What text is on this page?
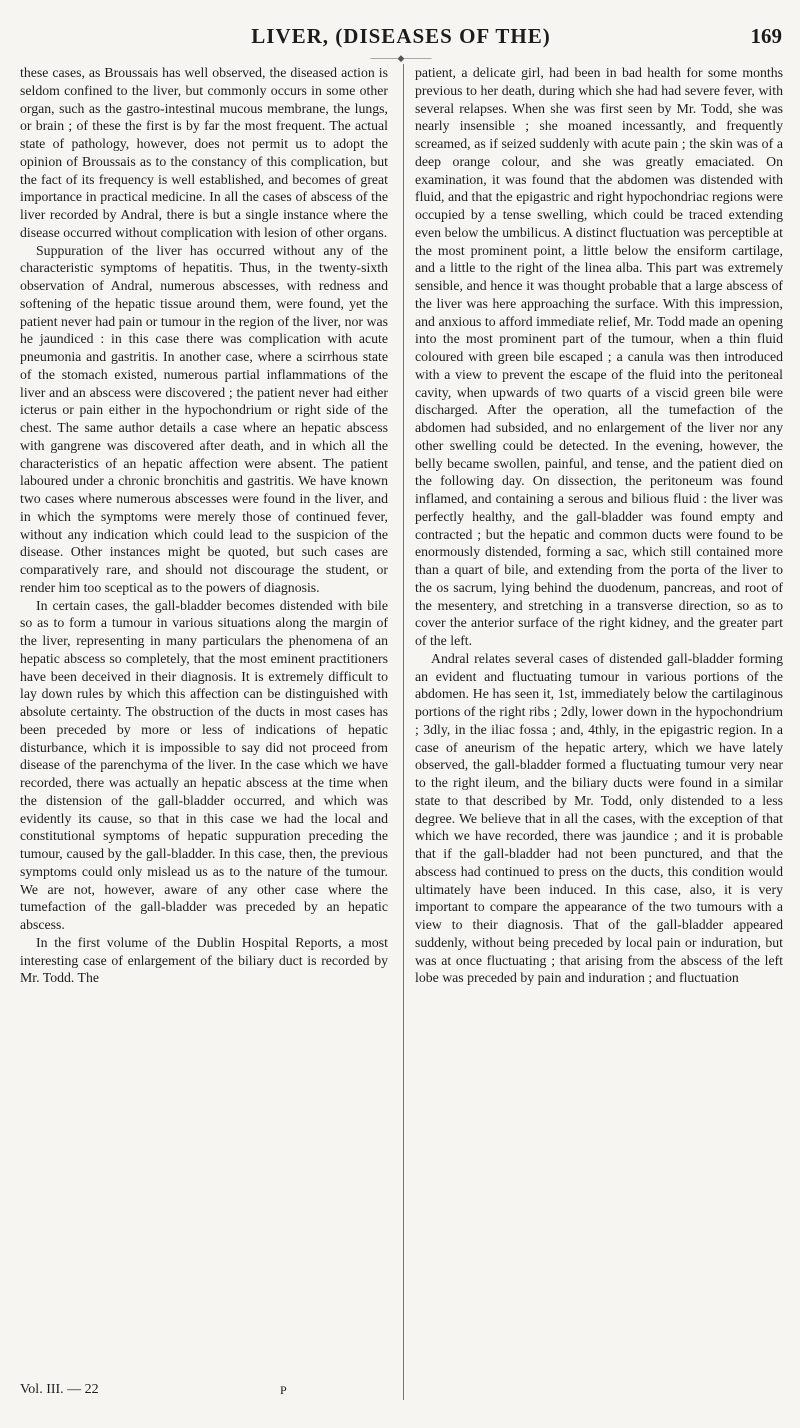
LIVER, (DISEASES OF THE)	169
———◆———

these cases, as Broussais has well observed, the diseased action is seldom confined to the liver, but commonly occurs in some other organ, such as the gastro-intestinal mucous membrane, the lungs, or brain ; of these the first is by far the most frequent. The actual state of pathology, however, does not permit us to adopt the opinion of Broussais as to the constancy of this complication, but the fact of its frequency is well established, and becomes of great importance in practical medicine. In all the cases of abscess of the liver recorded by Andral, there is but a single instance where the disease occurred without complication with lesion of other organs.

Suppuration of the liver has occurred without any of the characteristic symptoms of hepatitis. Thus, in the twenty-sixth observation of Andral, numerous abscesses, with redness and softening of the hepatic tissue around them, were found, yet the patient never had pain or tumour in the region of the liver, nor was he jaundiced : in this case there was complication with acute pneumonia and gastritis. In another case, where a scirrhous state of the stomach existed, numerous partial inflammations of the liver and an abscess were discovered ; the patient never had either icterus or pain either in the hypochondrium or right side of the chest. The same author details a case where an hepatic abscess with gangrene was discovered after death, and in which all the characteristics of an hepatic affection were absent. The patient laboured under a chronic bronchitis and gastritis. We have known two cases where numerous abscesses were found in the liver, and in which the symptoms were merely those of continued fever, without any indication which could lead to the suspicion of the disease. Other instances might be quoted, but such cases are comparatively rare, and should not discourage the student, or render him too sceptical as to the powers of diagnosis.

In certain cases, the gall-bladder becomes distended with bile so as to form a tumour in various situations along the margin of the liver, representing in many particulars the phenomena of an hepatic abscess so completely, that the most eminent practitioners have been deceived in their diagnosis. It is extremely difficult to lay down rules by which this affection can be distinguished with absolute certainty. The obstruction of the ducts in most cases has been preceded by more or less of indications of hepatic disturbance, which it is impossible to say did not proceed from disease of the parenchyma of the liver. In the case which we have recorded, there was actually an hepatic abscess at the time when the distension of the gall-bladder occurred, and which was evidently its cause, so that in this case we had the local and constitutional symptoms of hepatic suppuration preceding the tumour, caused by the gall-bladder. In this case, then, the previous symptoms could only mislead us as to the nature of the tumour. We are not, however, aware of any other case where the tumefaction of the gall-bladder was preceded by an hepatic abscess.

In the first volume of the Dublin Hospital Reports, a most interesting case of enlargement of the biliary duct is recorded by Mr. Todd. The

patient, a delicate girl, had been in bad health for some months previous to her death, during which she had had severe fever, with several relapses. When she was first seen by Mr. Todd, she was nearly insensible ; she moaned incessantly, and frequently screamed, as if seized suddenly with acute pain ; the skin was of a deep orange colour, and she was greatly emaciated. On examination, it was found that the abdomen was distended with fluid, and that the epigastric and right hypochondriac regions were occupied by a tense swelling, which could be traced extending even below the umbilicus. A distinct fluctuation was perceptible at the most prominent point, a little below the ensiform cartilage, and a little to the right of the linea alba. This part was extremely sensible, and hence it was thought probable that a large abscess of the liver was here approaching the surface. With this impression, and anxious to afford immediate relief, Mr. Todd made an opening into the most prominent part of the tumour, when a thin fluid coloured with green bile escaped ; a canula was then introduced with a view to prevent the escape of the fluid into the peritoneal cavity, when upwards of two quarts of a viscid green bile were discharged. After the operation, all the tumefaction of the abdomen had subsided, and no enlargement of the liver nor any other swelling could be detected. In the evening, however, the belly became swollen, painful, and tense, and the patient died on the following day. On dissection, the peritoneum was found inflamed, and containing a serous and bilious fluid : the liver was perfectly healthy, and the gall-bladder was found empty and contracted ; but the hepatic and common ducts were found to be enormously distended, forming a sac, which still contained more than a quart of bile, and extending from the porta of the liver to the os sacrum, lying behind the duodenum, pancreas, and root of the mesentery, and stretching in a transverse direction, so as to cover the anterior surface of the right kidney, and the greater part of the left.

Andral relates several cases of distended gall-bladder forming an evident and fluctuating tumour in various portions of the abdomen. He has seen it, 1st, immediately below the cartilaginous portions of the right ribs ; 2dly, lower down in the hypochondrium ; 3dly, in the iliac fossa ; and, 4thly, in the epigastric region. In a case of aneurism of the hepatic artery, which we have lately observed, the gall-bladder formed a fluctuating tumour very near to the right ileum, and the biliary ducts were found in a similar state to that described by Mr. Todd, only distended to a less degree. We believe that in all the cases, with the exception of that which we have recorded, there was jaundice ; and it is probable that if the gall-bladder had not been punctured, and that the abscess had continued to press on the ducts, this condition would ultimately have been induced. In this case, also, it is very important to compare the appearance of the two tumours with a view to their diagnosis. That of the gall-bladder appeared suddenly, without being preceded by local pain or induration, but was at once fluctuating ; that arising from the abscess of the left lobe was preceded by pain and induration ; and fluctuation

Vol. III. — 22	P
